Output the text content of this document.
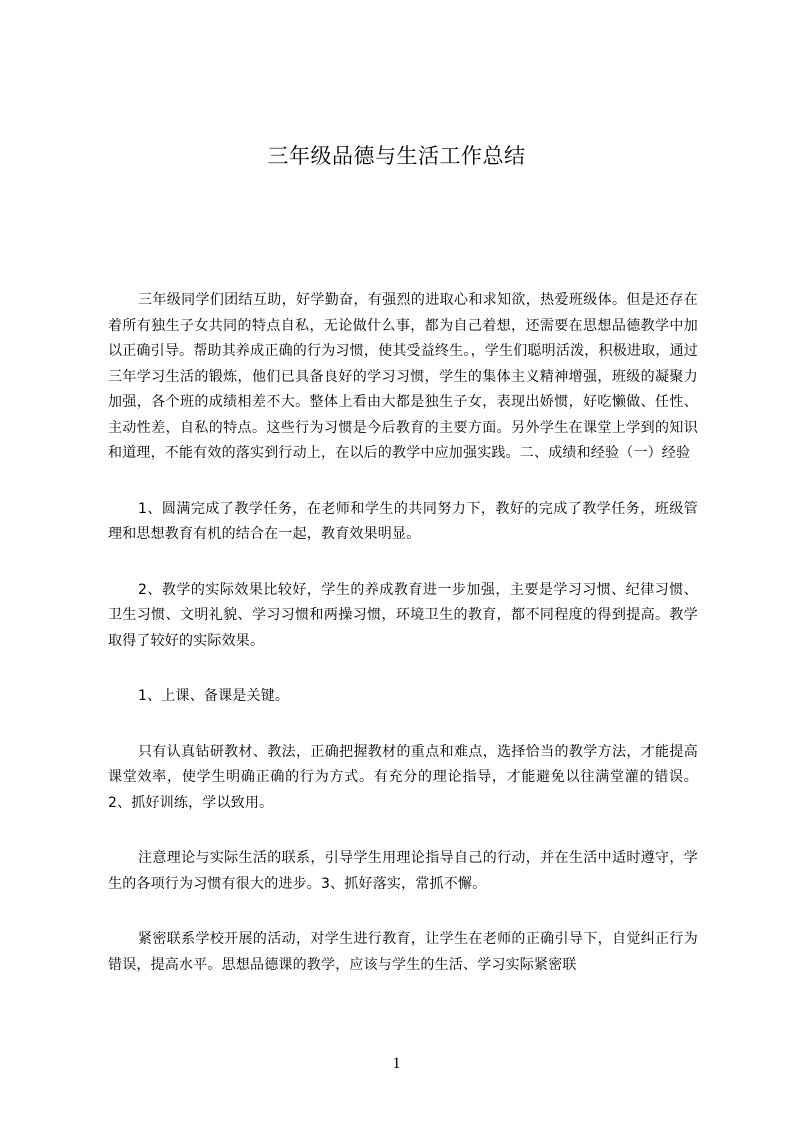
三年级品德与生活工作总结

三年级同学们团结互助，好学勤奋，有强烈的进取心和求知欲，热爱班级体。但是还存在着所有独生子女共同的特点自私，无论做什么事，都为自己着想，还需要在思想品德教学中加以正确引导。帮助其养成正确的行为习惯，使其受益终生。，学生们聪明活泼，积极进取，通过三年学习生活的锻炼，他们已具备良好的学习习惯，学生的集体主义精神增强，班级的凝聚力加强，各个班的成绩相差不大。整体上看由大都是独生子女，表现出娇惯，好吃懒做、任性、主动性差，自私的特点。这些行为习惯是今后教育的主要方面。另外学生在课堂上学到的知识和道理，不能有效的落实到行动上，在以后的教学中应加强实践。二、成绩和经验（一）经验

1、圆满完成了教学任务，在老师和学生的共同努力下，教好的完成了教学任务，班级管理和思想教育有机的结合在一起，教育效果明显。

2、教学的实际效果比较好，学生的养成教育进一步加强，主要是学习习惯、纪律习惯、卫生习惯、文明礼貌、学习习惯和两操习惯，环境卫生的教育，都不同程度的得到提高。教学取得了较好的实际效果。

1、上课、备课是关键。

只有认真钻研教材、教法，正确把握教材的重点和难点，选择恰当的教学方法，才能提高课堂效率，使学生明确正确的行为方式。有充分的理论指导，才能避免以往满堂灌的错误。2、抓好训练，学以致用。

注意理论与实际生活的联系，引导学生用理论指导自己的行动，并在生活中适时遵守，学生的各项行为习惯有很大的进步。3、抓好落实，常抓不懈。

紧密联系学校开展的活动，对学生进行教育，让学生在老师的正确引导下，自觉纠正行为错误，提高水平。思想品德课的教学，应该与学生的生活、学习实际紧密联

1
